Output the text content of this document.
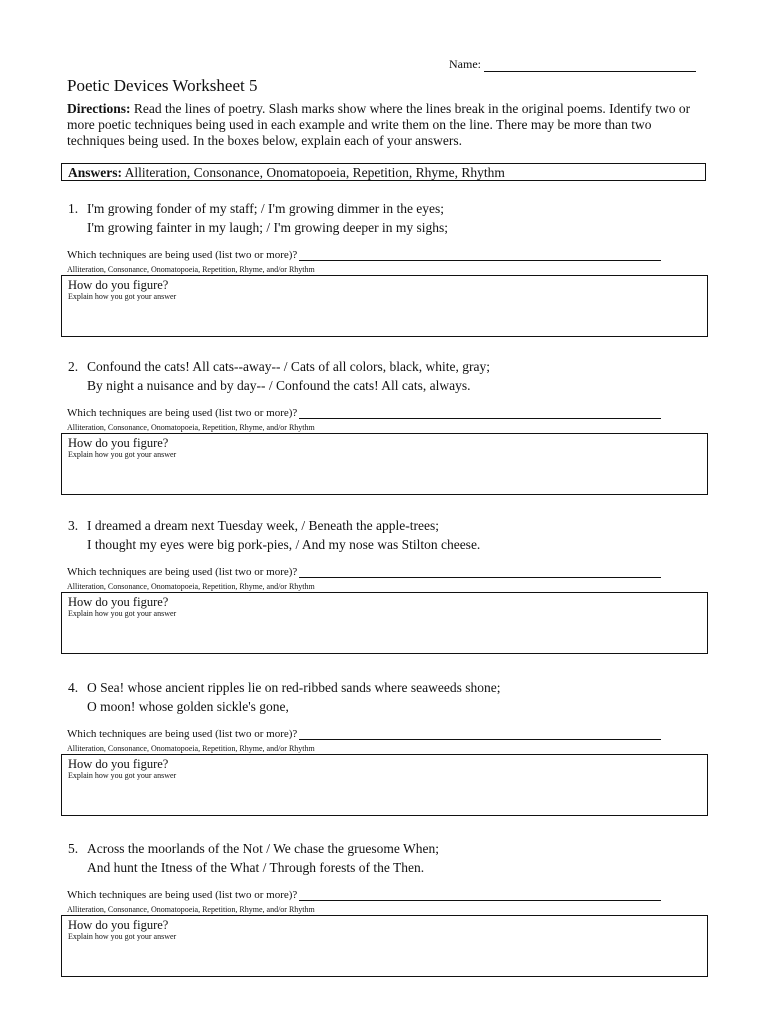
Name:
Poetic Devices Worksheet 5
Directions: Read the lines of poetry. Slash marks show where the lines break in the original poems. Identify two or more poetic techniques being used in each example and write them on the line. There may be more than two techniques being used. In the boxes below, explain each of your answers.
Answers: Alliteration, Consonance, Onomatopoeia, Repetition, Rhyme, Rhythm
1. I'm growing fonder of my staff; / I'm growing dimmer in the eyes;
I'm growing fainter in my laugh; / I'm growing deeper in my sighs;
Which techniques are being used (list two or more)?
Alliteration, Consonance, Onomatopoeia, Repetition, Rhyme, and/or Rhythm
How do you figure?
Explain how you got your answer
2. Confound the cats! All cats--away-- / Cats of all colors, black, white, gray;
By night a nuisance and by day-- / Confound the cats! All cats, always.
Which techniques are being used (list two or more)?
Alliteration, Consonance, Onomatopoeia, Repetition, Rhyme, and/or Rhythm
How do you figure?
Explain how you got your answer
3. I dreamed a dream next Tuesday week, / Beneath the apple-trees;
I thought my eyes were big pork-pies, / And my nose was Stilton cheese.
Which techniques are being used (list two or more)?
Alliteration, Consonance, Onomatopoeia, Repetition, Rhyme, and/or Rhythm
How do you figure?
Explain how you got your answer
4. O Sea! whose ancient ripples lie on red-ribbed sands where seaweeds shone;
O moon! whose golden sickle's gone,
Which techniques are being used (list two or more)?
Alliteration, Consonance, Onomatopoeia, Repetition, Rhyme, and/or Rhythm
How do you figure?
Explain how you got your answer
5. Across the moorlands of the Not / We chase the gruesome When;
And hunt the Itness of the What / Through forests of the Then.
Which techniques are being used (list two or more)?
Alliteration, Consonance, Onomatopoeia, Repetition, Rhyme, and/or Rhythm
How do you figure?
Explain how you got your answer
